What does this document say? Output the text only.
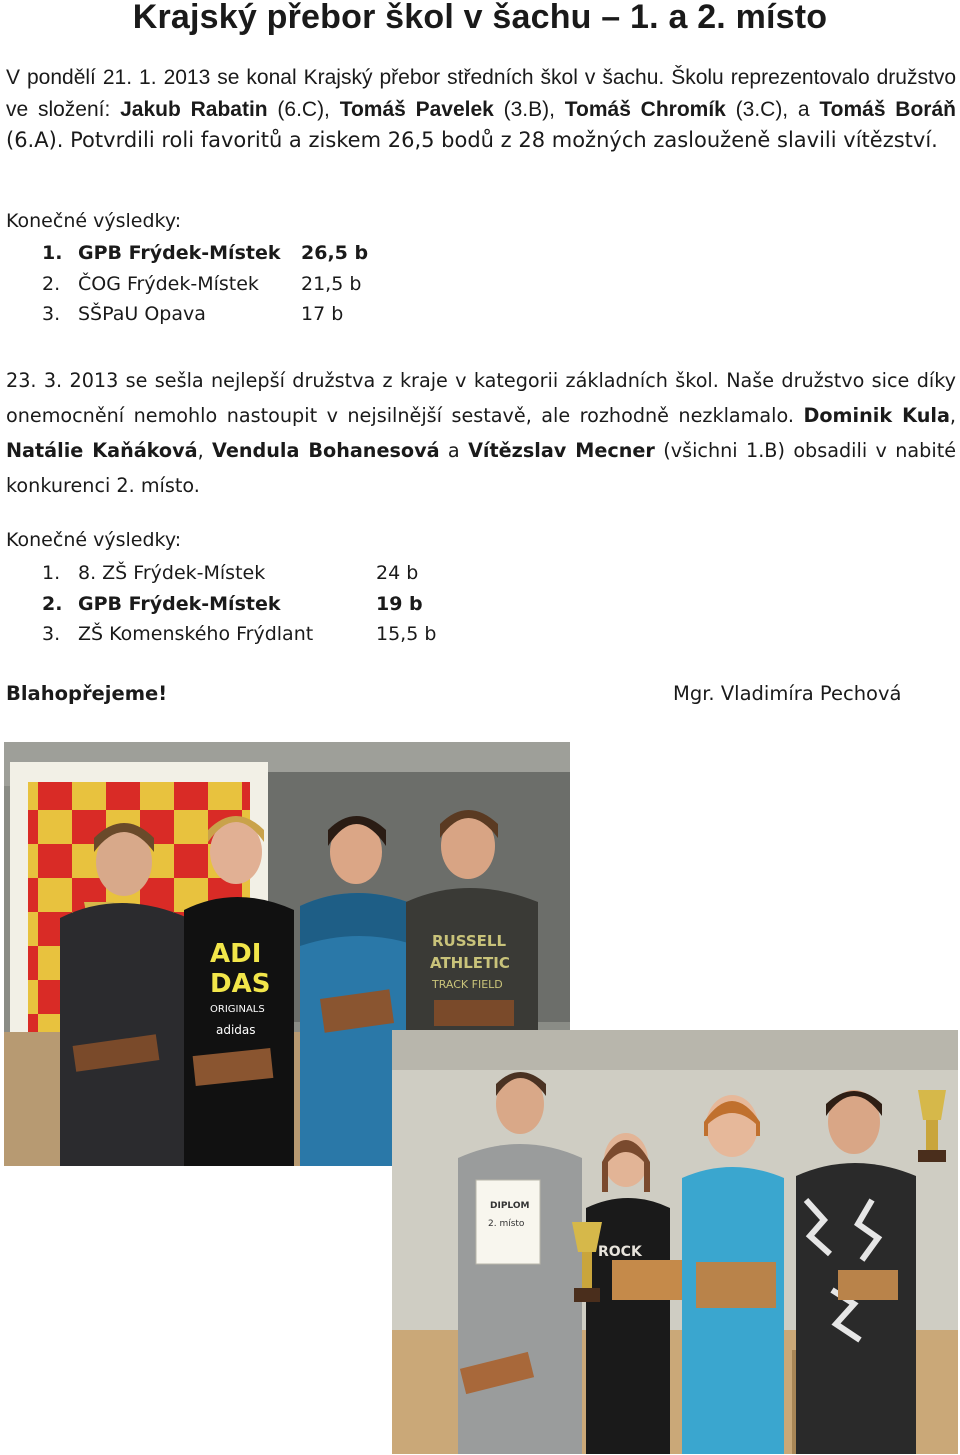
Krajský přebor škol v šachu – 1. a 2. místo

V pondělí 21. 1. 2013 se konal Krajský přebor středních škol v šachu. Školu reprezentovalo družstvo ve složení: Jakub Rabatin (6.C), Tomáš Pavelek (3.B), Tomáš Chromík (3.C), a Tomáš Boráň (6.A). Potvrdili roli favoritů a ziskem 26,5 bodů z 28 možných zaslouženě slavili vítězství.

Konečné výsledky:

1. GPB Frýdek-Místek 26,5 b
2. ČOG Frýdek-Místek 21,5 b
3. SŠPaU Opava	17 b

23. 3. 2013 se sešla nejlepší družstva z kraje v kategorii základních škol. Naše družstvo sice díky onemocnění nemohlo nastoupit v nejsilnější sestavě, ale rozhodně nezklamalo. Dominik Kula, Natálie Kaňáková, Vendula Bohanesová a Vítězslav Mecner (všichni 1.B) obsadili v nabité konkurenci 2. místo.

Konečné výsledky:

1. 8. ZŠ Frýdek-Místek	24 b
2. GPB Frýdek-Místek	19 b
3. ZŠ Komenského Frýdlant	15,5 b

Blahopřejeme!	Mgr. Vladimíra Pechová

ADI
DAS
ORIGINALS
adidas
RUSSELL
ATHLETIC
TRACK FIELD
DIPLOM
2. místo
ROCK
